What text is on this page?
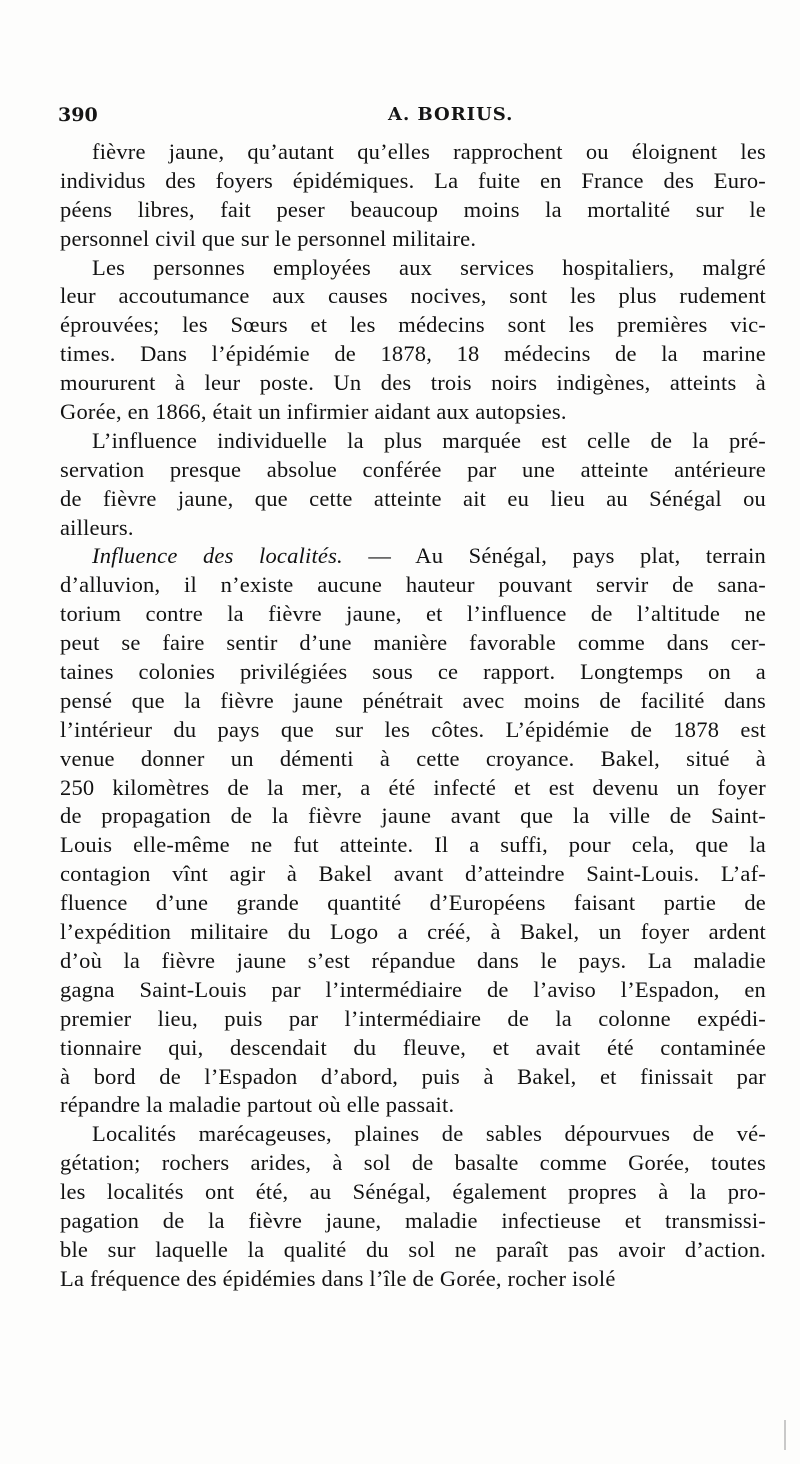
390	A. BORIUS.
fièvre jaune, qu’autant qu’elles rapprochent ou éloignent les
individus des foyers épidémiques. La fuite en France des Euro-
péens libres, fait peser beaucoup moins la mortalité sur le
personnel civil que sur le personnel militaire.
Les personnes employées aux services hospitaliers, malgré
leur accoutumance aux causes nocives, sont les plus rudement
éprouvées; les Sœurs et les médecins sont les premières vic-
times. Dans l’épidémie de 1878, 18 médecins de la marine
moururent à leur poste. Un des trois noirs indigènes, atteints à
Gorée, en 1866, était un infirmier aidant aux autopsies.
L’influence individuelle la plus marquée est celle de la pré-
servation presque absolue conférée par une atteinte antérieure
de fièvre jaune, que cette atteinte ait eu lieu au Sénégal ou
ailleurs.
Influence des localités. — Au Sénégal, pays plat, terrain
d’alluvion, il n’existe aucune hauteur pouvant servir de sana-
torium contre la fièvre jaune, et l’influence de l’altitude ne
peut se faire sentir d’une manière favorable comme dans cer-
taines colonies privilégiées sous ce rapport. Longtemps on a
pensé que la fièvre jaune pénétrait avec moins de facilité dans
l’intérieur du pays que sur les côtes. L’épidémie de 1878 est
venue donner un démenti à cette croyance. Bakel, situé à
250 kilomètres de la mer, a été infecté et est devenu un foyer
de propagation de la fièvre jaune avant que la ville de Saint-
Louis elle-même ne fut atteinte. Il a suffi, pour cela, que la
contagion vînt agir à Bakel avant d’atteindre Saint-Louis. L’af-
fluence d’une grande quantité d’Européens faisant partie de
l’expédition militaire du Logo a créé, à Bakel, un foyer ardent
d’où la fièvre jaune s’est répandue dans le pays. La maladie
gagna Saint-Louis par l’intermédiaire de l’aviso l’Espadon, en
premier lieu, puis par l’intermédiaire de la colonne expédi-
tionnaire qui, descendait du fleuve, et avait été contaminée
à bord de l’Espadon d’abord, puis à Bakel, et finissait par
répandre la maladie partout où elle passait.
Localités marécageuses, plaines de sables dépourvues de vé-
gétation; rochers arides, à sol de basalte comme Gorée, toutes
les localités ont été, au Sénégal, également propres à la pro-
pagation de la fièvre jaune, maladie infectieuse et transmissi-
ble sur laquelle la qualité du sol ne paraît pas avoir d’action.
La fréquence des épidémies dans l’île de Gorée, rocher isolé
